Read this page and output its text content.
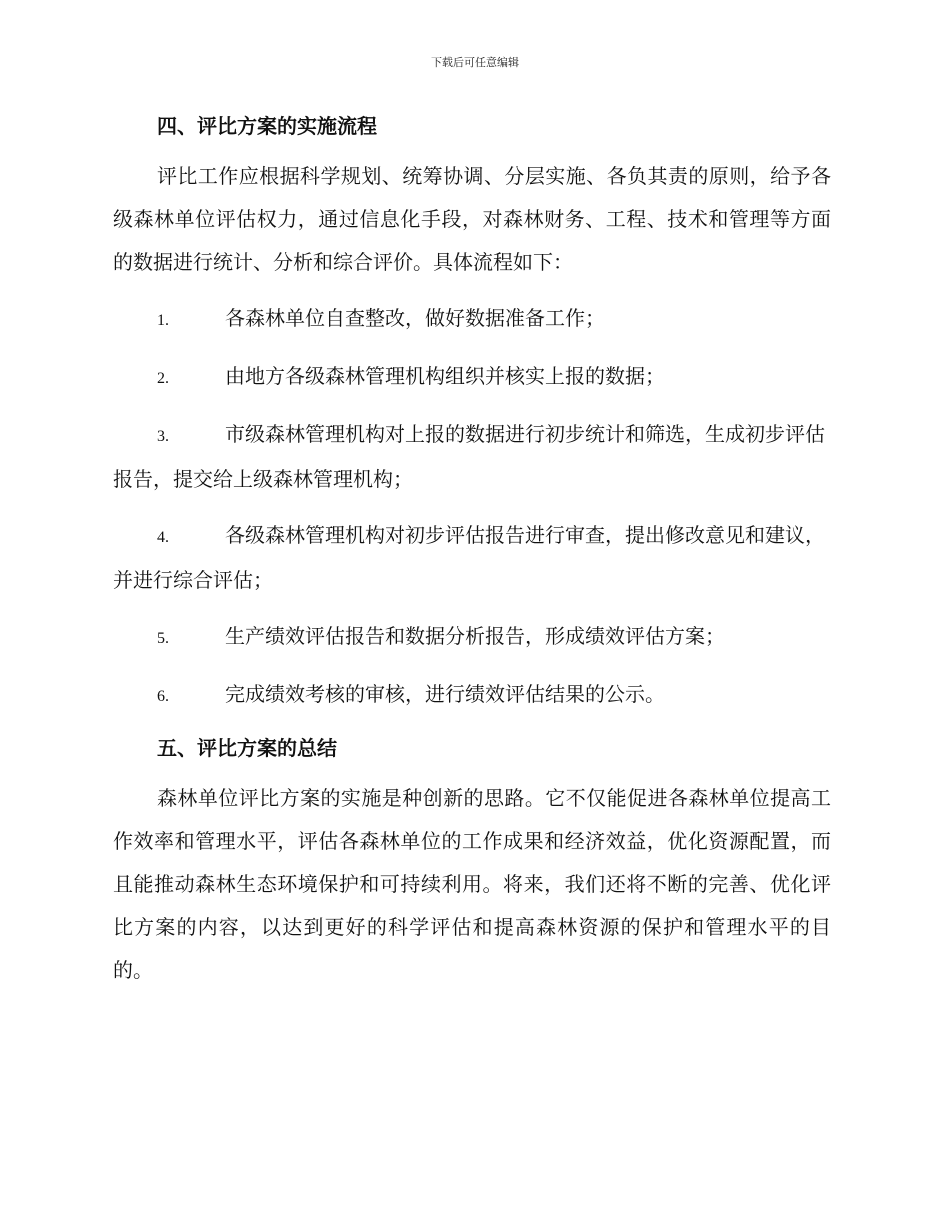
下载后可任意编辑
四、评比方案的实施流程

评比工作应根据科学规划、统筹协调、分层实施、各负其责的原则，给予各级森林单位评估权力，通过信息化手段，对森林财务、工程、技术和管理等方面的数据进行统计、分析和综合评价。具体流程如下：

1.	各森林单位自查整改，做好数据准备工作；
2.	由地方各级森林管理机构组织并核实上报的数据；
3.	市级森林管理机构对上报的数据进行初步统计和筛选，生成初步评估报告，提交给上级森林管理机构；
4.	各级森林管理机构对初步评估报告进行审查，提出修改意见和建议，并进行综合评估；
5.	生产绩效评估报告和数据分析报告，形成绩效评估方案；
6.	完成绩效考核的审核，进行绩效评估结果的公示。
五、评比方案的总结

森林单位评比方案的实施是种创新的思路。它不仅能促进各森林单位提高工作效率和管理水平，评估各森林单位的工作成果和经济效益，优化资源配置，而且能推动森林生态环境保护和可持续利用。将来，我们还将不断的完善、优化评比方案的内容，以达到更好的科学评估和提高森林资源的保护和管理水平的目的。
